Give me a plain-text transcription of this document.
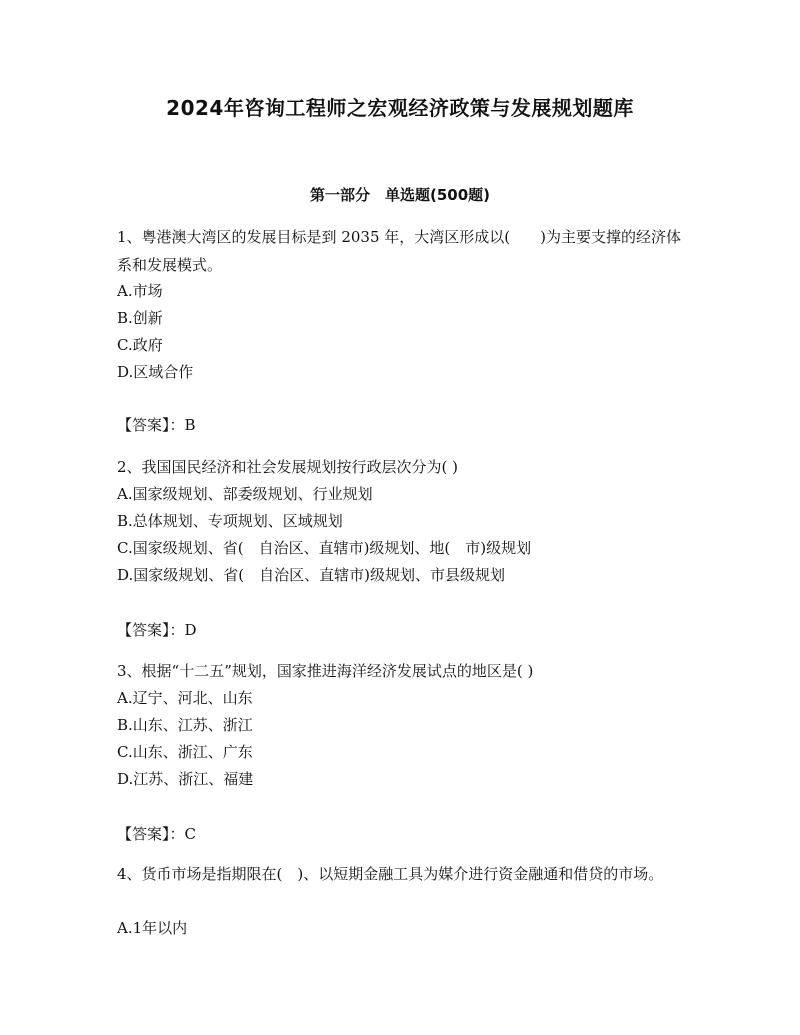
2024年咨询工程师之宏观经济政策与发展规划题库
第一部分　单选题(500题)
1、粤港澳大湾区的发展目标是到 2035 年，大湾区形成以(　　)为主要支撑的经济体系和发展模式。
A.市场
B.创新
C.政府
D.区域合作
【答案】：B
2、我国国民经济和社会发展规划按行政层次分为( )
A.国家级规划、部委级规划、行业规划
B.总体规划、专项规划、区域规划
C.国家级规划、省(　自治区、直辖市)级规划、地(　市)级规划
D.国家级规划、省(　自治区、直辖市)级规划、市县级规划
【答案】：D
3、根据“十二五”规划，国家推进海洋经济发展试点的地区是( )
A.辽宁、河北、山东
B.山东、江苏、浙江
C.山东、浙江、广东
D.江苏、浙江、福建
【答案】：C
4、货币市场是指期限在(　)、以短期金融工具为媒介进行资金融通和借贷的市场。
A.1年以内
